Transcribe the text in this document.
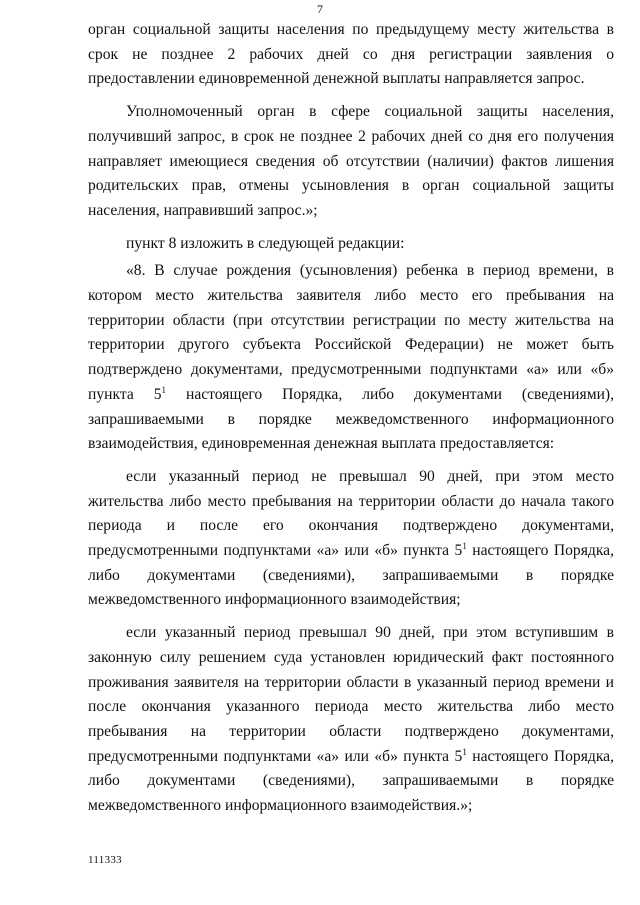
7

орган социальной защиты населения по предыдущему месту жительства в срок не позднее 2 рабочих дней со дня регистрации заявления о предоставлении единовременной денежной выплаты направляется запрос.

Уполномоченный орган в сфере социальной защиты населения, получивший запрос, в срок не позднее 2 рабочих дней со дня его получения направляет имеющиеся сведения об отсутствии (наличии) фактов лишения родительских прав, отмены усыновления в орган социальной защиты населения, направивший запрос.»;

пункт 8 изложить в следующей редакции:

«8. В случае рождения (усыновления) ребенка в период времени, в котором место жительства заявителя либо место его пребывания на территории области (при отсутствии регистрации по месту жительства на территории другого субъекта Российской Федерации) не может быть подтверждено документами, предусмотренными подпунктами «а» или «б» пункта $5^1$ настоящего Порядка, либо документами (сведениями), запрашиваемыми в порядке межведомственного информационного взаимодействия, единовременная денежная выплата предоставляется:

если указанный период не превышал 90 дней, при этом место жительства либо место пребывания на территории области до начала такого периода и после его окончания подтверждено документами, предусмотренными подпунктами «а» или «б» пункта $5^1$ настоящего Порядка, либо документами (сведениями), запрашиваемыми в порядке межведомственного информационного взаимодействия;

если указанный период превышал 90 дней, при этом вступившим в законную силу решением суда установлен юридический факт постоянного проживания заявителя на территории области в указанный период времени и после окончания указанного периода место жительства либо место пребывания на территории области подтверждено документами, предусмотренными подпунктами «а» или «б» пункта $5^1$ настоящего Порядка, либо документами (сведениями), запрашиваемыми в порядке межведомственного информационного взаимодействия.»;

111333
